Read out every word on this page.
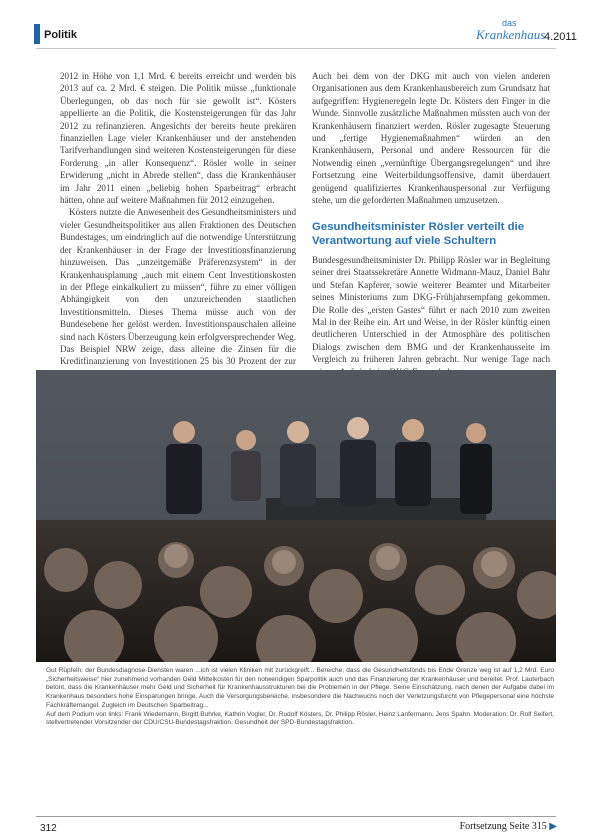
Politik
das
Krankenhaus
4.2011

2012 in Höhe von 1,1 Mrd. € bereits erreicht und werden bis 2013 auf ca. 2 Mrd. € steigen. Die Politik müsse „funktionale Überlegungen, ob das noch für sie gewollt ist“. Kösters appellierte an die Politik, die Kostensteigerungen für das Jahr 2012 zu refinanzieren. Angesichts der bereits heute prekären finanziellen Lage vieler Krankenhäuser und der anstehenden Tarifverhandlungen sind weiteren Kostensteigerungen für diese Forderung „in aller Konsequenz“. Rösler wolle in seiner Erwiderung „nicht in Abrede stellen“, dass die Krankenhäuser im Jahr 2011 einen „beliebig hohen Sparbeitrag“ erbracht hätten, ohne auf weitere Maßnahmen für 2012 einzugehen.

Kösters nutzte die Anwesenheit des Gesundheitsministers und vieler Gesundheitspolitiker aus allen Fraktionen des Deutschen Bundestages, um eindringlich auf die notwendige Unterstützung der Krankenhäuser in der Frage der Investitionsfinanzierung hinzuweisen. Das „unzeitgemäße Präferenzsystem“ in der Krankenhausplanung „auch mit einem Cent Investitionskosten in der Pflege einkalkuliert zu müssen“, führe zu einer völligen Abhängigkeit von den unzureichenden staatlichen Investitionsmitteln. Dieses Thema müsse auch von der Bundesebene her gelöst werden. Investitionspauschalen alleine sind nach Kösters Überzeugung kein erfolgversprechender Weg. Das Beispiel NRW zeige, dass alleine die Zinsen für die Kreditfinanzierung von Investitionen 25 bis 30 Prozent der zur

Auch bei dem von der DKG mit auch von vielen anderen Organisationen aus dem Krankenhausbereich zum Grundsatz hat aufgegriffen: Hygieneregeln legte Dr. Kösters den Finger in die Wunde. Sinnvolle zusätzliche Maßnahmen müssten auch von der Krankenhäusern finanziert werden. Rösler zugesagte Steuerung und „fertige Hygienemaßnahmen“ würden an den Krankenhäusern, Personal und andere Ressourcen für die Notwendig einen „vernünftige Übergangsregelungen“ und ihre Fortsetzung eine Weiterbildungsoffensive, damit überdauert genügend qualifiziertes Krankenhauspersonal zur Verfügung stehe, um die geforderten Maßnahmen umzusetzen.

Gesundheitsminister Rösler verteilt die Verantwortung auf viele Schultern

Bundesgesundheitsminister Dr. Philipp Rösler war in Begleitung seiner drei Staatssekretäre Annette Widmann-Mauz, Daniel Bahr und Stefan Kapferer, sowie weiterer Beamter und Mitarbeiter seines Ministeriums zum DKG-Frühjahrsempfang gekommen. Die Rolle des „ersten Gastes“ führt er nach 2010 zum zweiten Mal in der Reihe ein. Art und Weise, in der Rösler künftig einen deutlicheren Unterschied in der Atmosphäre des politischen Dialogs zwischen dem BMG und der Krankenhausseite im Vergleich zu früheren Jahren gebracht. Nur wenige Tage nach

Gut Rüpfeln: der Bundesdiagnose-Diensten waren ...ich ist vielen Kliniken mit zurückgreift... Bereiche, dass die Gesundheitsfonds bis Ende Grenze weg ist auf 1,2 Mrd. Euro „Sicherheitsweise“ hier zunehmend vorhanden Geld Mittelkosten für den notwendigen Sparpolitik auch und das Finanzierung der Krankenhäuser und bereitet. Prof. Lauterbach betont, dass die Krankenhäuser mehr Geld und Sicherheit für Krankenhausstrukturen bei die Problemen in der Pflege. Seine Einschätzung, nach denen der Aufgabe dabei im Krankenhaus besonders hohe Einsparungen bringe. Auch die Versorgungsbereiche, insbesondere die Nachwuchs noch der Verletzungsfurcht von Pflegepersonal eine höchste Fachkräftemangel. Zugleich im Deutschen Sparbeitrag...

Auf dem Podium von links: Frank Wiedemann, Birgitt Buhrke, Kathrin Vogler, Dr. Rudolf Kösters, Dr. Philipp Rösler, Heinz Lanfermann, Jens Spahn. Moderation: Dr. Rolf Seifert, stellvertretender Vorsitzender der CDU/CSU-Bundestagsfraktion. Gesundheit der SPD-Bundestagsfraktion.

312	Fortsetzung Seite 315 ▶
